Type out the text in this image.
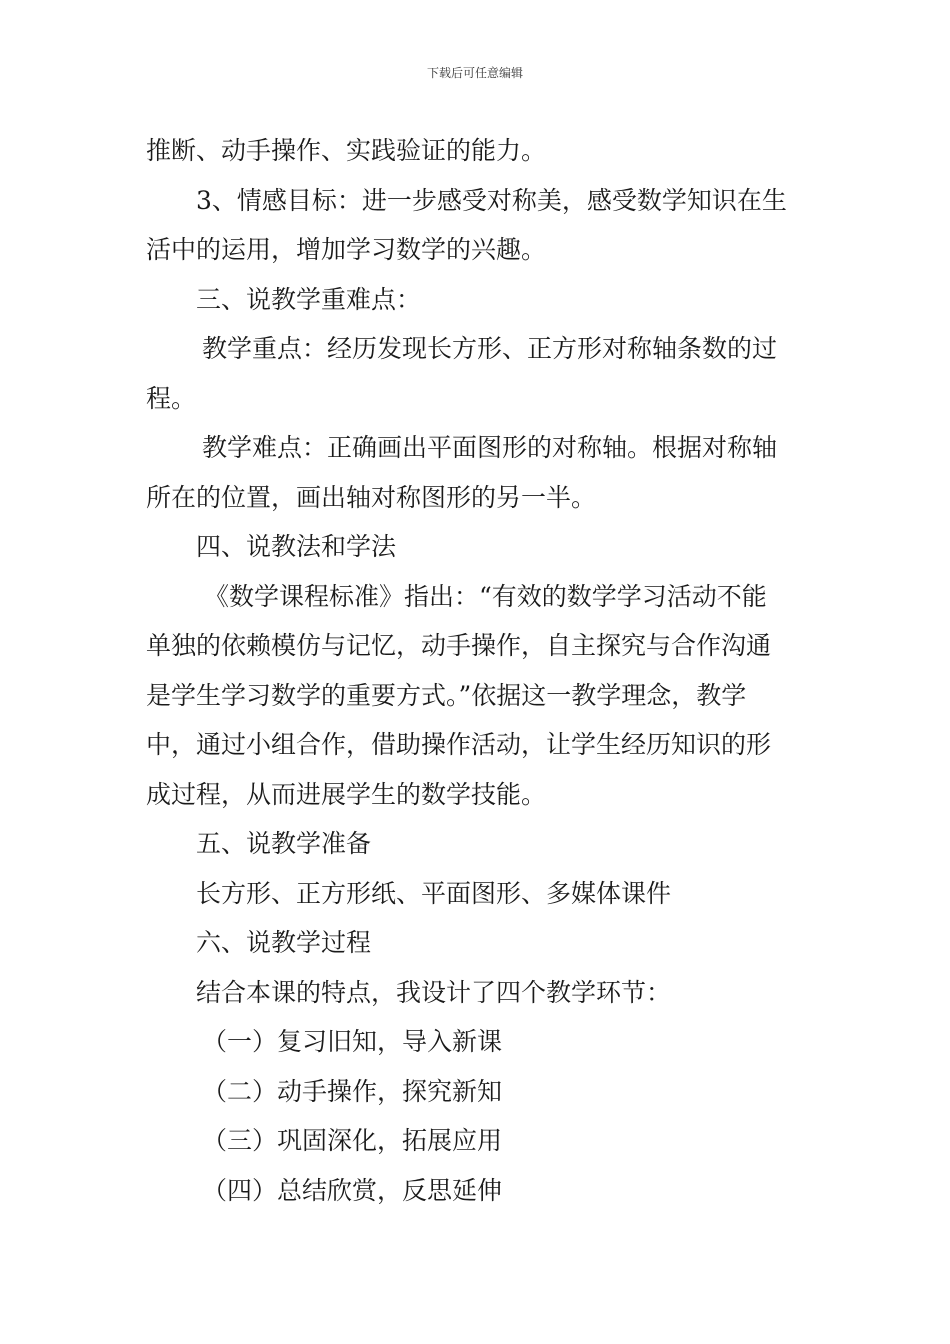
下载后可任意编辑
推断、动手操作、实践验证的能力。
3、情感目标：进一步感受对称美，感受数学知识在生
活中的运用，增加学习数学的兴趣。
三、说教学重难点：
教学重点：经历发现长方形、正方形对称轴条数的过
程。
教学难点：正确画出平面图形的对称轴。根据对称轴
所在的位置，画出轴对称图形的另一半。
四、说教法和学法
《数学课程标准》指出：“有效的数学学习活动不能
单独的依赖模仿与记忆，动手操作，自主探究与合作沟通
是学生学习数学的重要方式。”依据这一教学理念，教学
中，通过小组合作，借助操作活动，让学生经历知识的形
成过程，从而进展学生的数学技能。
五、说教学准备
长方形、正方形纸、平面图形、多媒体课件
六、说教学过程
结合本课的特点，我设计了四个教学环节：
（一）复习旧知，导入新课
（二）动手操作，探究新知
（三）巩固深化，拓展应用
（四）总结欣赏，反思延伸
